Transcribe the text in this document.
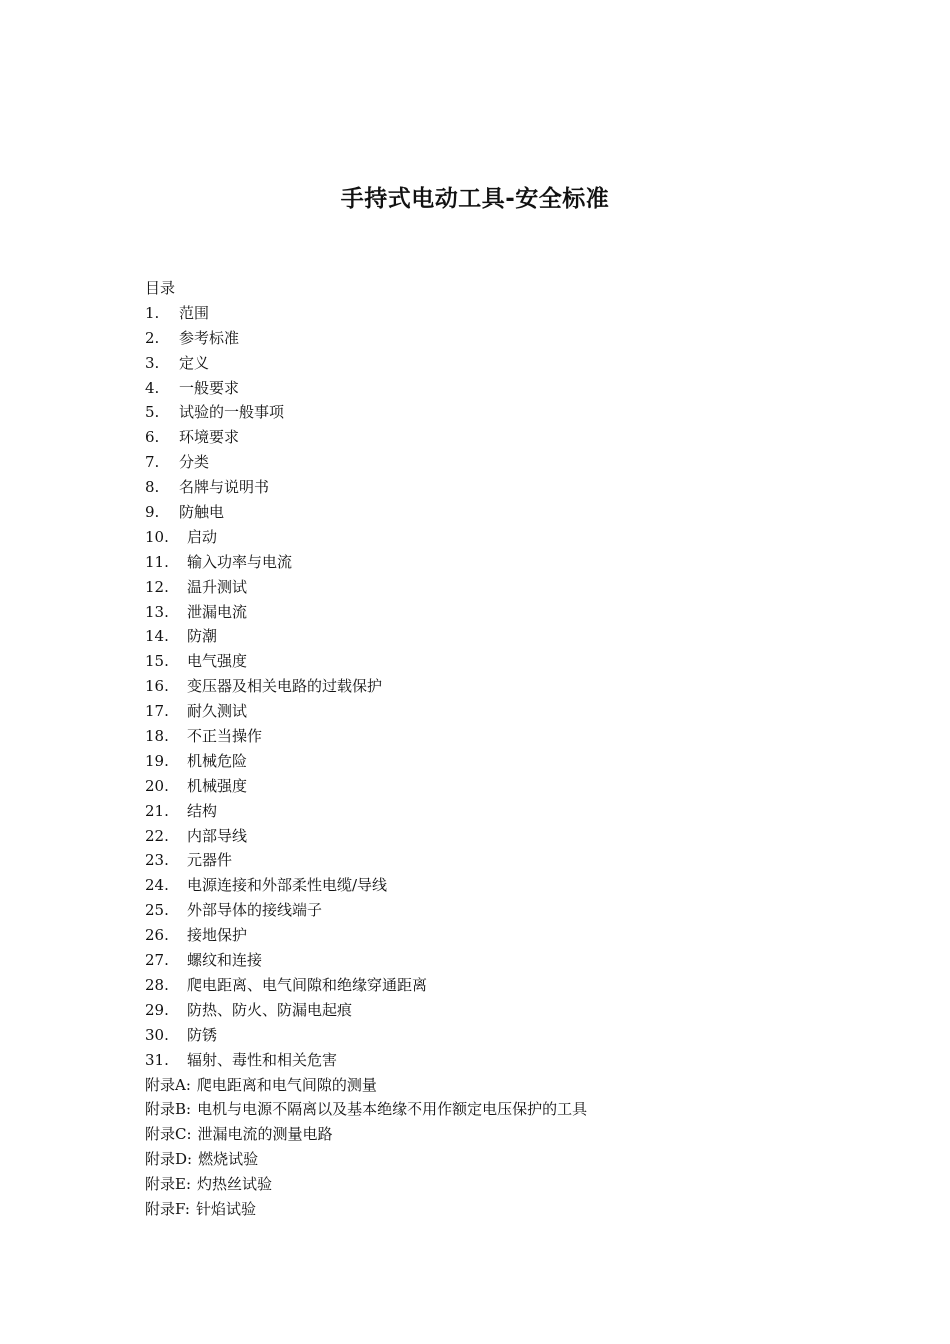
手持式电动工具-安全标准
目录
1.	范围
2.	参考标准
3.	定义
4.	一般要求
5.	试验的一般事项
6.	环境要求
7.	分类
8.	名牌与说明书
9.	防触电
10.	启动
11.	输入功率与电流
12.	温升测试
13.	泄漏电流
14.	防潮
15.	电气强度
16.	变压器及相关电路的过载保护
17.	耐久测试
18.	不正当操作
19.	机械危险
20.	机械强度
21.	结构
22.	内部导线
23.	元器件
24.	电源连接和外部柔性电缆/导线
25.	外部导体的接线端子
26.	接地保护
27.	螺纹和连接
28.	爬电距离、电气间隙和绝缘穿通距离
29.	防热、防火、防漏电起痕
30.	防锈
31.	辐射、毒性和相关危害
附录A: 爬电距离和电气间隙的测量
附录B: 电机与电源不隔离以及基本绝缘不用作额定电压保护的工具
附录C: 泄漏电流的测量电路
附录D: 燃烧试验
附录E: 灼热丝试验
附录F: 针焰试验
